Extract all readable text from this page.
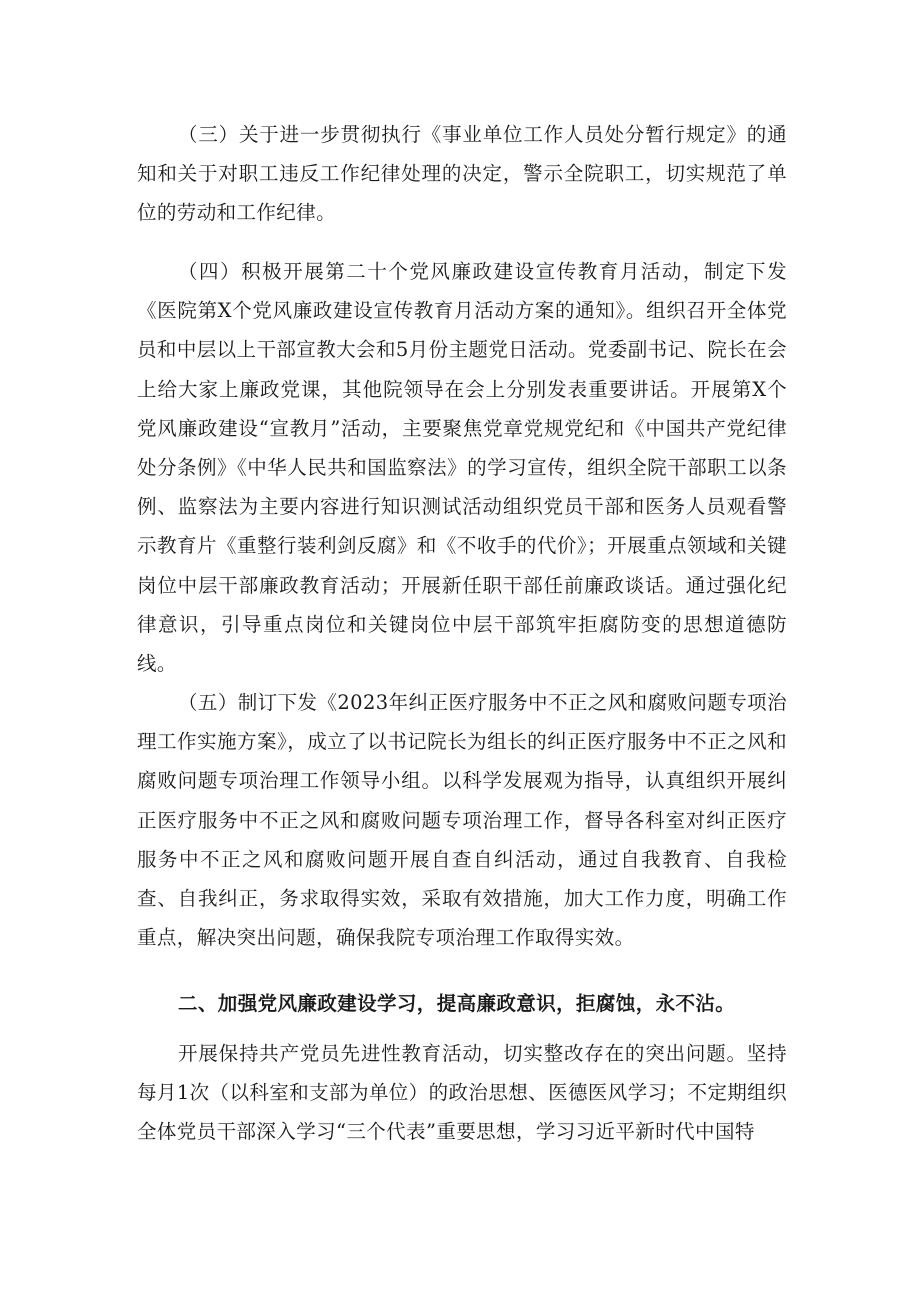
（三）关于进一步贯彻执行《事业单位工作人员处分暂行规定》的通知和关于对职工违反工作纪律处理的决定，警示全院职工，切实规范了单位的劳动和工作纪律。

（四）积极开展第二十个党风廉政建设宣传教育月活动，制定下发《医院第X个党风廉政建设宣传教育月活动方案的通知》。组织召开全体党员和中层以上干部宣教大会和5月份主题党日活动。党委副书记、院长在会上给大家上廉政党课，其他院领导在会上分别发表重要讲话。开展第X个党风廉政建设“宣教月”活动，主要聚焦党章党规党纪和《中国共产党纪律处分条例》《中华人民共和国监察法》的学习宣传，组织全院干部职工以条例、监察法为主要内容进行知识测试活动组织党员干部和医务人员观看警示教育片《重整行装利剑反腐》和《不收手的代价》；开展重点领域和关键岗位中层干部廉政教育活动；开展新任职干部任前廉政谈话。通过强化纪律意识，引导重点岗位和关键岗位中层干部筑牢拒腐防变的思想道德防线。

（五）制订下发《2023年纠正医疗服务中不正之风和腐败问题专项治理工作实施方案》，成立了以书记院长为组长的纠正医疗服务中不正之风和腐败问题专项治理工作领导小组。以科学发展观为指导，认真组织开展纠正医疗服务中不正之风和腐败问题专项治理工作，督导各科室对纠正医疗服务中不正之风和腐败问题开展自查自纠活动，通过自我教育、自我检查、自我纠正，务求取得实效，采取有效措施，加大工作力度，明确工作重点，解决突出问题，确保我院专项治理工作取得实效。

二、加强党风廉政建设学习，提高廉政意识，拒腐蚀，永不沾。

开展保持共产党员先进性教育活动，切实整改存在的突出问题。坚持每月1次（以科室和支部为单位）的政治思想、医德医风学习；不定期组织全体党员干部深入学习“三个代表”重要思想，学习习近平新时代中国特
